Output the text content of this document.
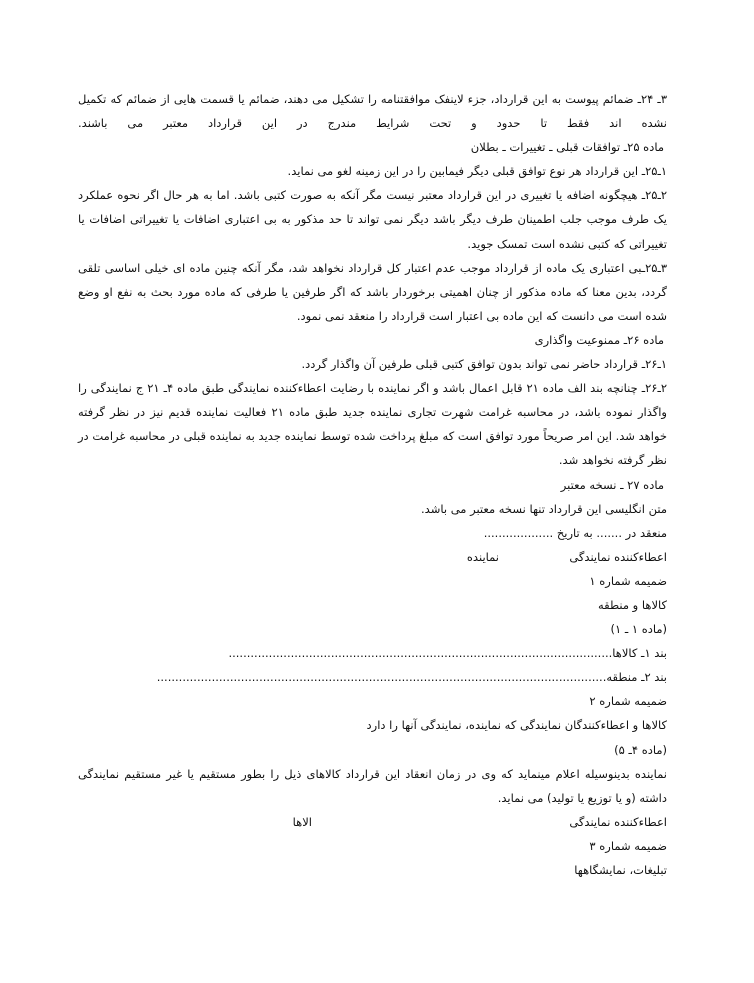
۳ـ ۲۴ـ ضمائم پیوست به این قرارداد، جزء لاینفک موافقتنامه را تشکیل می دهند، ضمائم یا قسمت هایی از ضمائم که تکمیل نشده اند فقط تا حدود و تحت شرایط مندرج در این قرارداد معتبر می باشند.
ماده ۲۵ـ توافقات قبلی ـ تغییرات ـ بطلان
۱ـ۲۵ـ این قرارداد هر نوع توافق قبلی دیگر فیمابین را در این زمینه لغو می نماید.
۲ـ۲۵ـ هیچگونه اضافه یا تغییری در این قرارداد معتبر نیست مگر آنکه به صورت کتبی باشد. اما به هر حال اگر نحوه عملکرد یک طرف موجب جلب اطمینان طرف دیگر باشد دیگر نمی تواند تا حد مذکور به بی اعتباری اضافات یا تغییراتی اضافات یا تغییراتی که کتبی نشده است تمسک جوید.
۳ـ۲۵ـبی اعتباری یک ماده از قرارداد موجب عدم اعتبار کل قرارداد نخواهد شد، مگر آنکه چنین ماده ای خیلی اساسی تلقی گردد، بدین معنا که ماده مذکور از چنان اهمیتی برخوردار باشد که اگر طرفین یا طرفی که ماده مورد بحث به نفع او وضع شده است می دانست که این ماده بی اعتبار است قرارداد را منعقد نمی نمود.
ماده ۲۶ـ ممنوعیت واگذاری
۱ـ۲۶ـ قرارداد حاضر نمی تواند بدون توافق کتبی قبلی طرفین آن واگذار گردد.
۲ـ۲۶ـ چنانچه بند الف ماده ۲۱ قابل اعمال باشد و اگر نماینده با رضایت اعطاءکننده نمایندگی طبق ماده ۴ـ ۲۱ ج نمایندگی را واگذار نموده باشد، در محاسبه غرامت شهرت تجاری نماینده جدید طبق ماده ۲۱ فعالیت نماینده قدیم نیز در نظر گرفته خواهد شد. این امر صریحاً مورد توافق است که مبلغ پرداخت شده توسط نماینده جدید به نماینده قبلی در محاسبه غرامت در نظر گرفته نخواهد شد.
ماده ۲۷ ـ نسخه معتبر
متن انگلیسی این قرارداد تنها نسخه معتبر می باشد.
منعقد در ....... به تاریخ ...................
اعطاءکننده نمایندگی
نماینده
ضمیمه شماره ۱
کالاها و منطقه
(ماده ۱ ـ ۱)
بند ۱ـ کالاها.........................................................................................................
بند ۲ـ منطقه...........................................................................................................................
ضمیمه شماره ۲
کالاها و اعطاءکنندگان نمایندگی که نماینده، نمایندگی آنها را دارد
(ماده ۴ـ ۵)
نماینده بدینوسیله اعلام مینماید که وی در زمان انعقاد این قرارداد کالاهای ذیل را بطور مستقیم یا غیر مستقیم نمایندگی داشته (و یا توزیع یا تولید) می نماید.
اعطاءکننده نمایندگی
الاها
ضمیمه شماره ۳
تبلیغات، نمایشگاهها
